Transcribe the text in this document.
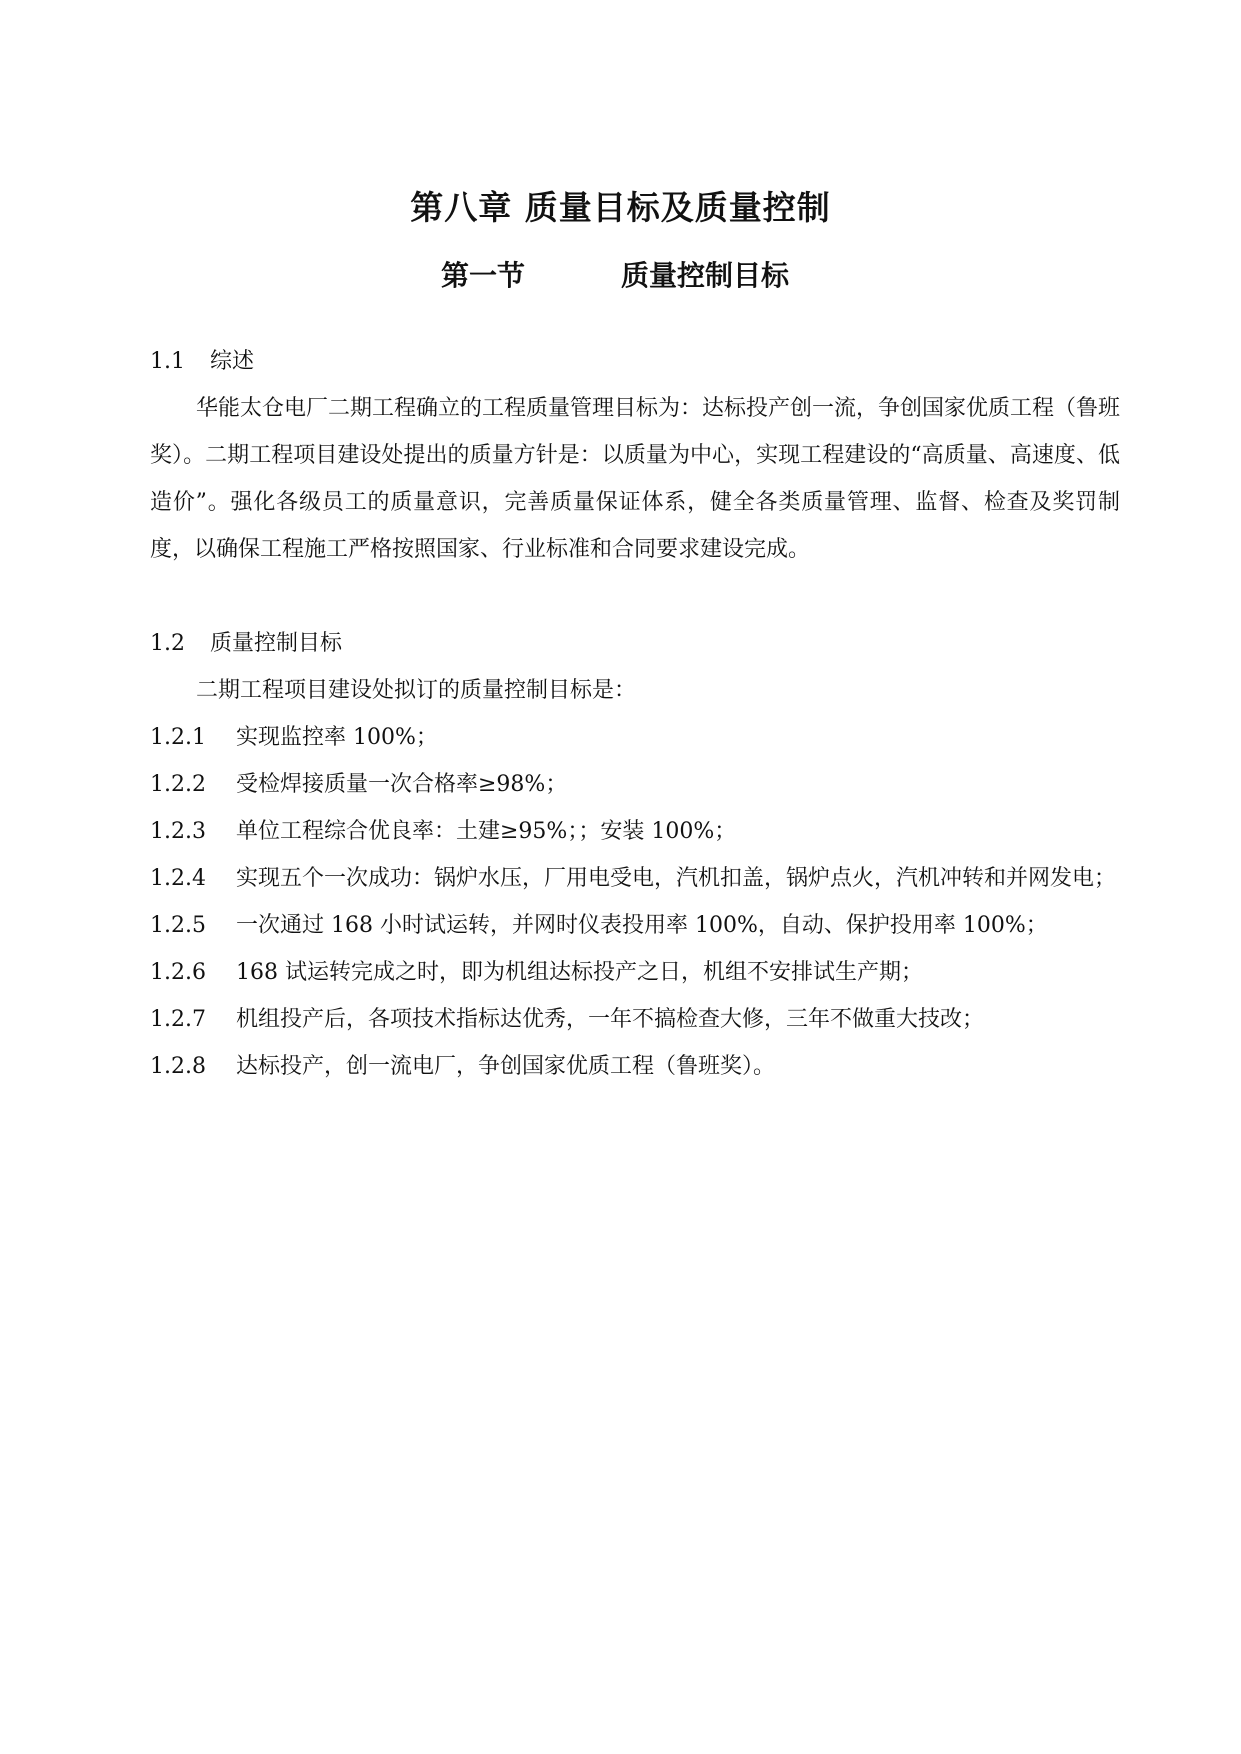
第八章 质量目标及质量控制
第一节	质量控制目标

1.1 综述

华能太仓电厂二期工程确立的工程质量管理目标为：达标投产创一流，争创国家优质工程（鲁班奖）。二期工程项目建设处提出的质量方针是：以质量为中心，实现工程建设的“高质量、高速度、低造价”。强化各级员工的质量意识，完善质量保证体系，健全各类质量管理、监督、检查及奖罚制度，以确保工程施工严格按照国家、行业标准和合同要求建设完成。

1.2 质量控制目标

二期工程项目建设处拟订的质量控制目标是：

1.2.1 实现监控率 100%；

1.2.2 受检焊接质量一次合格率≥98%；

1.2.3 单位工程综合优良率：土建≥95%；；安装 100%；

1.2.4 实现五个一次成功：锅炉水压，厂用电受电，汽机扣盖，锅炉点火，汽机冲转和并网发电；

1.2.5 一次通过 168 小时试运转，并网时仪表投用率 100%，自动、保护投用率 100%；

1.2.6 168 试运转完成之时，即为机组达标投产之日，机组不安排试生产期；

1.2.7 机组投产后，各项技术指标达优秀，一年不搞检查大修，三年不做重大技改；

1.2.8 达标投产，创一流电厂，争创国家优质工程（鲁班奖）。
